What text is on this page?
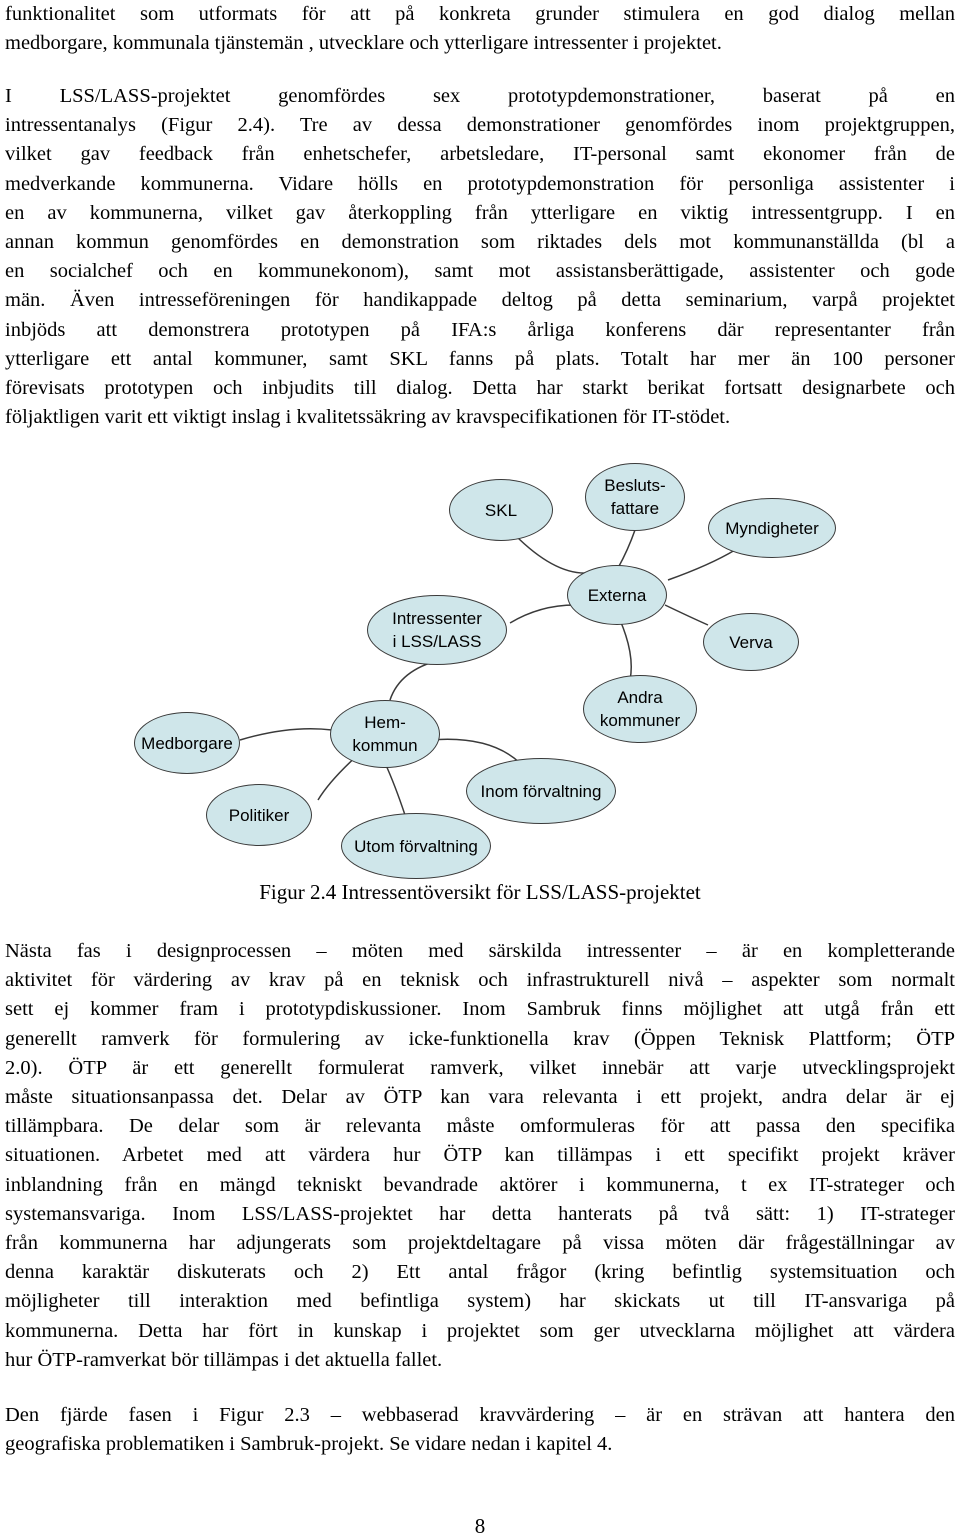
funktionalitet som utformats för att på konkreta grunder stimulera en god dialog mellan
medborgare, kommunala tjänstemän , utvecklare och ytterligare intressenter i projektet.
I LSS/LASS-projektet genomfördes sex prototypdemonstrationer, baserat på en
intressentanalys (Figur 2.4). Tre av dessa demonstrationer genomfördes inom projektgruppen,
vilket gav feedback från enhetschefer, arbetsledare, IT-personal samt ekonomer från de
medverkande kommunerna. Vidare hölls en prototypdemonstration för personliga assistenter i
en av kommunerna, vilket gav återkoppling från ytterligare en viktig intressentgrupp. I en
annan kommun genomfördes en demonstration som riktades dels mot kommunanställda (bl a
en socialchef och en kommunekonom), samt mot assistansberättigade, assistenter och gode
män. Även intresseföreningen för handikappade deltog på detta seminarium, varpå projektet
inbjöds att demonstrera prototypen på IFA:s årliga konferens där representanter från
ytterligare ett antal kommuner, samt SKL fanns på plats. Totalt har mer än 100 personer
förevisats prototypen och inbjudits till dialog. Detta har starkt berikat fortsatt designarbete och
följaktligen varit ett viktigt inslag i kvalitetssäkring av kravspecifikationen för IT-stödet.
SKL
Besluts-
fattare
Myndigheter
Externa
Intressenter
i LSS/LASS	Verva
Medborgare
Hem-
kommun
Andra
kommuner
Inom förvaltning
Politiker
Utom förvaltning
Figur 2.4 Intressentöversikt för LSS/LASS-projektet
Nästa fas i designprocessen – möten med särskilda intressenter – är en kompletterande
aktivitet för värdering av krav på en teknisk och infrastrukturell nivå – aspekter som normalt
sett ej kommer fram i prototypdiskussioner. Inom Sambruk finns möjlighet att utgå från ett
generellt ramverk för formulering av icke-funktionella krav (Öppen Teknisk Plattform; ÖTP
2.0). ÖTP är ett generellt formulerat ramverk, vilket innebär att varje utvecklingsprojekt
måste situationsanpassa det. Delar av ÖTP kan vara relevanta i ett projekt, andra delar är ej
tillämpbara. De delar som är relevanta måste omformuleras för att passa den specifika
situationen. Arbetet med att värdera hur ÖTP kan tillämpas i ett specifikt projekt kräver
inblandning från en mängd tekniskt bevandrade aktörer i kommunerna, t ex IT-strateger och
systemansvariga. Inom LSS/LASS-projektet har detta hanterats på två sätt: 1) IT-strateger
från kommunerna har adjungerats som projektdeltagare på vissa möten där frågeställningar av
denna karaktär diskuterats och 2) Ett antal frågor (kring befintlig systemsituation och
möjligheter till interaktion med befintliga system) har skickats ut till IT-ansvariga på
kommunerna. Detta har fört in kunskap i projektet som ger utvecklarna möjlighet att värdera
hur ÖTP-ramverkat bör tillämpas i det aktuella fallet.
Den fjärde fasen i Figur 2.3 – webbaserad kravvärdering – är en strävan att hantera den
geografiska problematiken i Sambruk-projekt. Se vidare nedan i kapitel 4.
8
